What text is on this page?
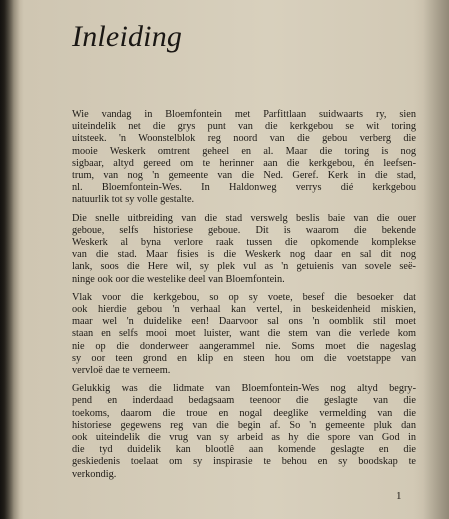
Inleiding

Wie vandag in Bloemfontein met Parfittlaan suidwaarts ry, sien
uiteindelik net die grys punt van die kerkgebou se wit toring
uitsteek. 'n Woonstelblok reg noord van die gebou verberg die
mooie Weskerk omtrent geheel en al. Maar die toring is nog
sigbaar, altyd gereed om te herinner aan die kerkgebou, én leefsen-
trum, van nog 'n gemeente van die Ned. Geref. Kerk in die stad,
nl. Bloemfontein-Wes. In Haldonweg verrys dié kerkgebou
natuurlik tot sy volle gestalte.

Die snelle uitbreiding van die stad verswelg beslis baie van die ouer
geboue, selfs historiese geboue. Dit is waarom die bekende
Weskerk al byna verlore raak tussen die opkomende komplekse
van die stad. Maar fisies is die Weskerk nog daar en sal dit nog
lank, soos die Here wil, sy plek vul as 'n getuienis van sovele seë-
ninge ook oor die westelike deel van Bloemfontein.

Vlak voor die kerkgebou, so op sy voete, besef die besoeker dat
ook hierdie gebou 'n verhaal kan vertel, in beskeidenheid miskien,
maar wel 'n duidelike een! Daarvoor sal ons 'n oomblik stil moet
staan en selfs mooi moet luister, want die stem van die verlede kom
nie op die donderweer aangerammel nie. Soms moet die nageslag
sy oor teen grond en klip en steen hou om die voetstappe van
vervloë dae te verneem.

Gelukkig was die lidmate van Bloemfontein-Wes nog altyd begry-
pend en inderdaad bedagsaam teenoor die geslagte van die
toekoms, daarom die troue en nogal deeglike vermelding van die
historiese gegewens reg van die begin af. So 'n gemeente pluk dan
ook uiteindelik die vrug van sy arbeid as hy die spore van God in
die tyd duidelik kan blootlê aan komende geslagte en die
geskiedenis toelaat om sy inspirasie te behou en sy boodskap te
verkondig.

1
